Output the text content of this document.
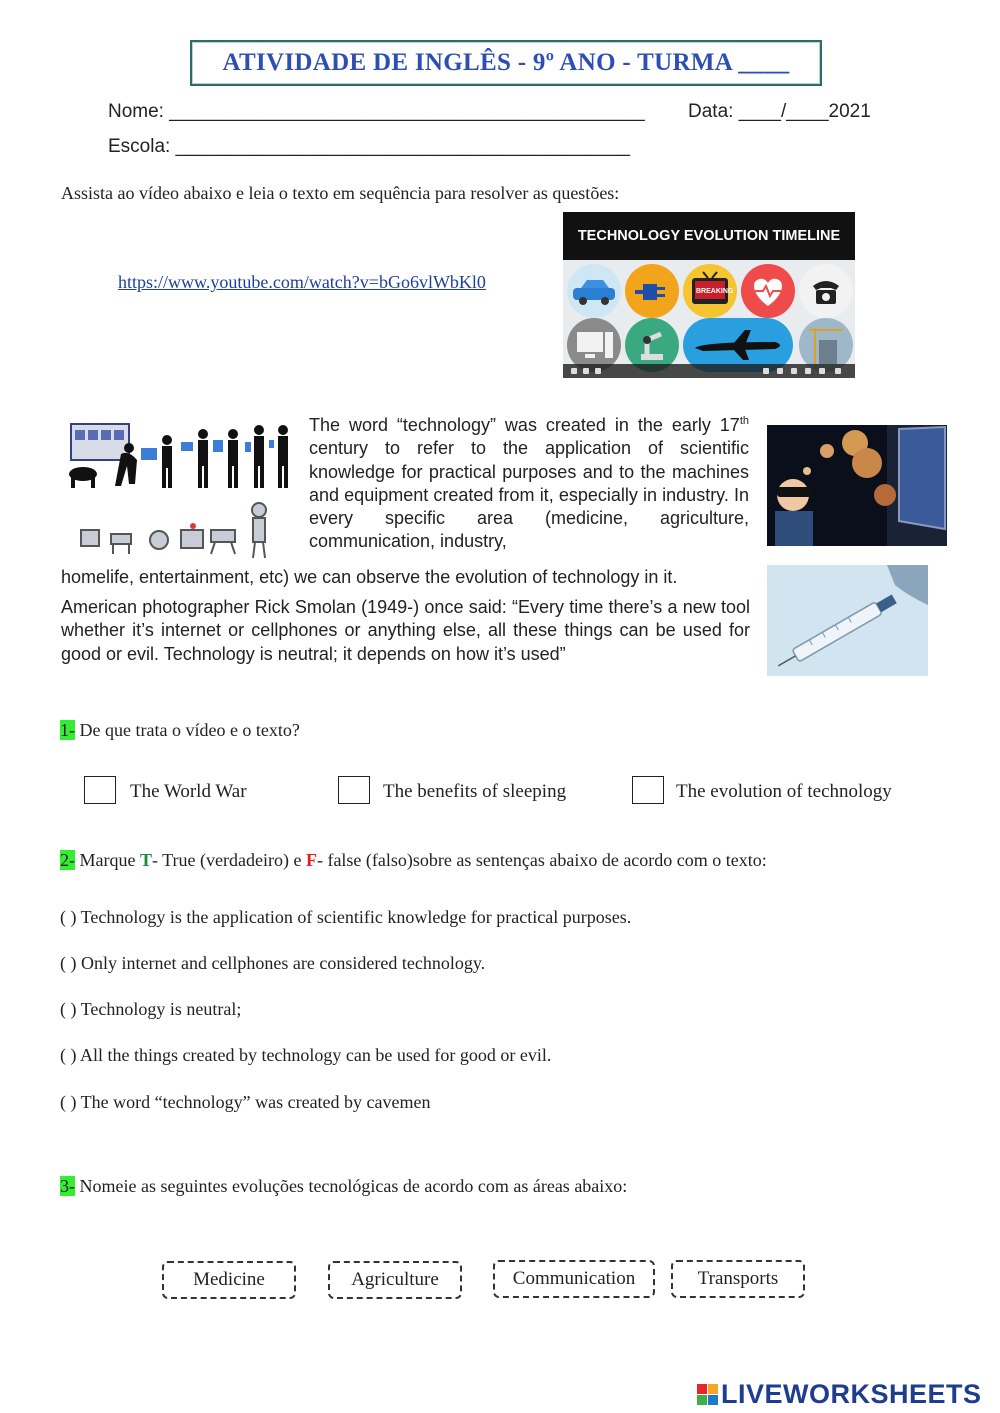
ATIVIDADE DE INGLÊS - 9º ANO - TURMA ____
Nome: _____________________________________________ Data: ____/____2021
Escola: ___________________________________________
Assista ao vídeo abaixo e leia o texto em sequência para resolver as questões:
https://www.youtube.com/watch?v=bGo6vlWbKl0
TECHNOLOGY EVOLUTION TIMELINE
BREAKING
The word “technology” was created in the early 17th century to refer to the application of scientific knowledge for practical purposes and to the machines and equipment created from it, especially in industry. In every specific area (medicine, agriculture, communication, industry,
homelife, entertainment, etc) we can observe the evolution of technology in it.
American photographer Rick Smolan (1949-) once said: “Every time there’s a new tool whether it’s internet or cellphones or anything else, all these things can be used for good or evil. Technology is neutral; it depends on how it’s used”
1- De que trata o vídeo e o texto?
The World War	The benefits of sleeping	The evolution of technology
2- Marque T- True (verdadeiro) e F- false (falso)sobre as sentenças abaixo de acordo com o texto:
( ) Technology is the application of scientific knowledge for practical purposes.
( ) Only internet and cellphones are considered technology.
( ) Technology is neutral;
( ) All the things created by technology can be used for good or evil.
( ) The word “technology” was created by cavemen
3- Nomeie as seguintes evoluções tecnológicas de acordo com as áreas abaixo:
Medicine	Agriculture	Communication	Transports
LIVEWORKSHEETS
